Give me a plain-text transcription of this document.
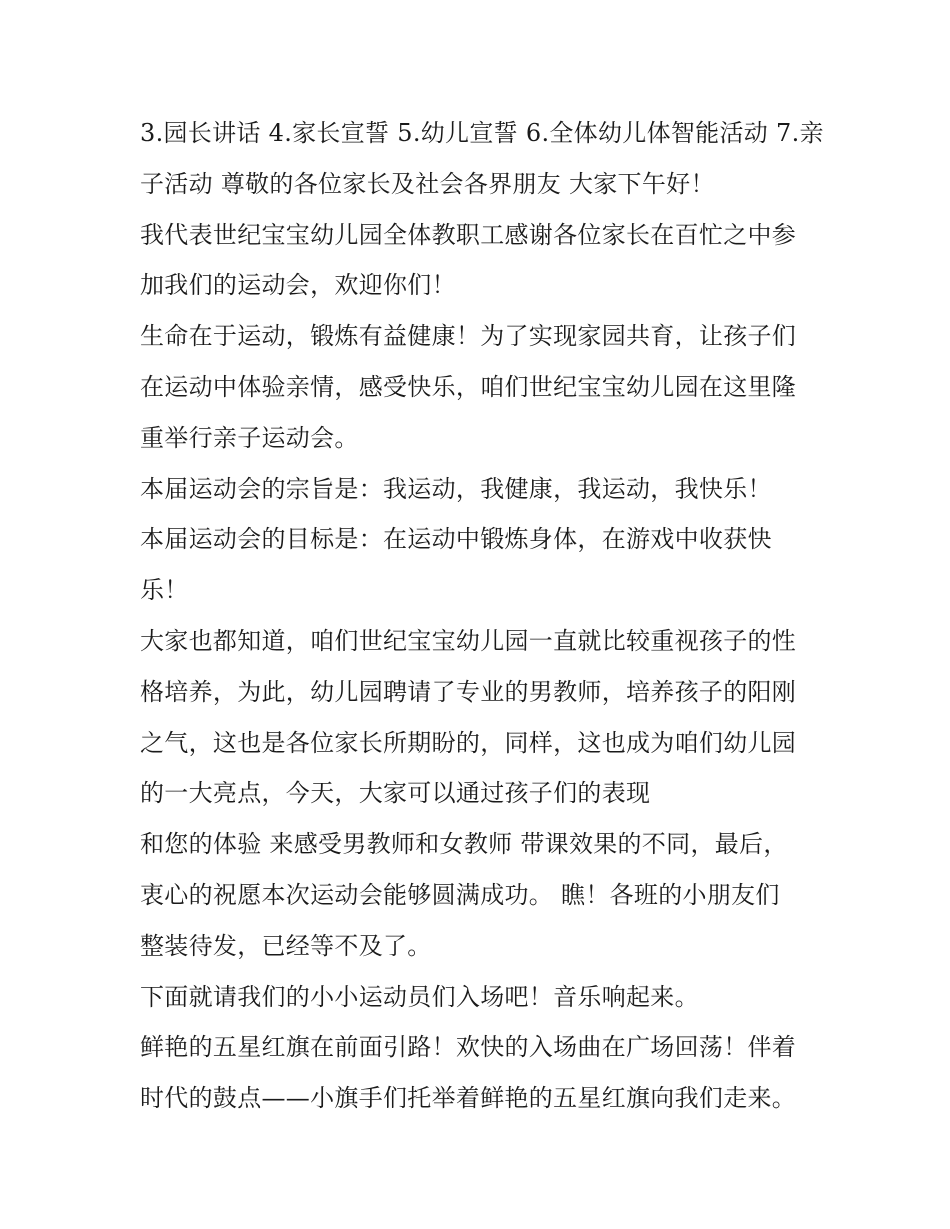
3.园长讲话 4.家长宣誓 5.幼儿宣誓 6.全体幼儿体智能活动 7.亲
子活动 尊敬的各位家长及社会各界朋友 大家下午好！
我代表世纪宝宝幼儿园全体教职工感谢各位家长在百忙之中参
加我们的运动会，欢迎你们！
生命在于运动，锻炼有益健康！为了实现家园共育，让孩子们
在运动中体验亲情，感受快乐，咱们世纪宝宝幼儿园在这里隆
重举行亲子运动会。
本届运动会的宗旨是：我运动，我健康，我运动，我快乐！
本届运动会的目标是：在运动中锻炼身体，在游戏中收获快
乐！
大家也都知道，咱们世纪宝宝幼儿园一直就比较重视孩子的性
格培养，为此，幼儿园聘请了专业的男教师，培养孩子的阳刚
之气，这也是各位家长所期盼的，同样，这也成为咱们幼儿园
的一大亮点，今天，大家可以通过孩子们的表现
和您的体验 来感受男教师和女教师 带课效果的不同，最后，
衷心的祝愿本次运动会能够圆满成功。 瞧！各班的小朋友们
整装待发，已经等不及了。
下面就请我们的小小运动员们入场吧！音乐响起来。
鲜艳的五星红旗在前面引路！欢快的入场曲在广场回荡！伴着
时代的鼓点——小旗手们托举着鲜艳的五星红旗向我们走来。
